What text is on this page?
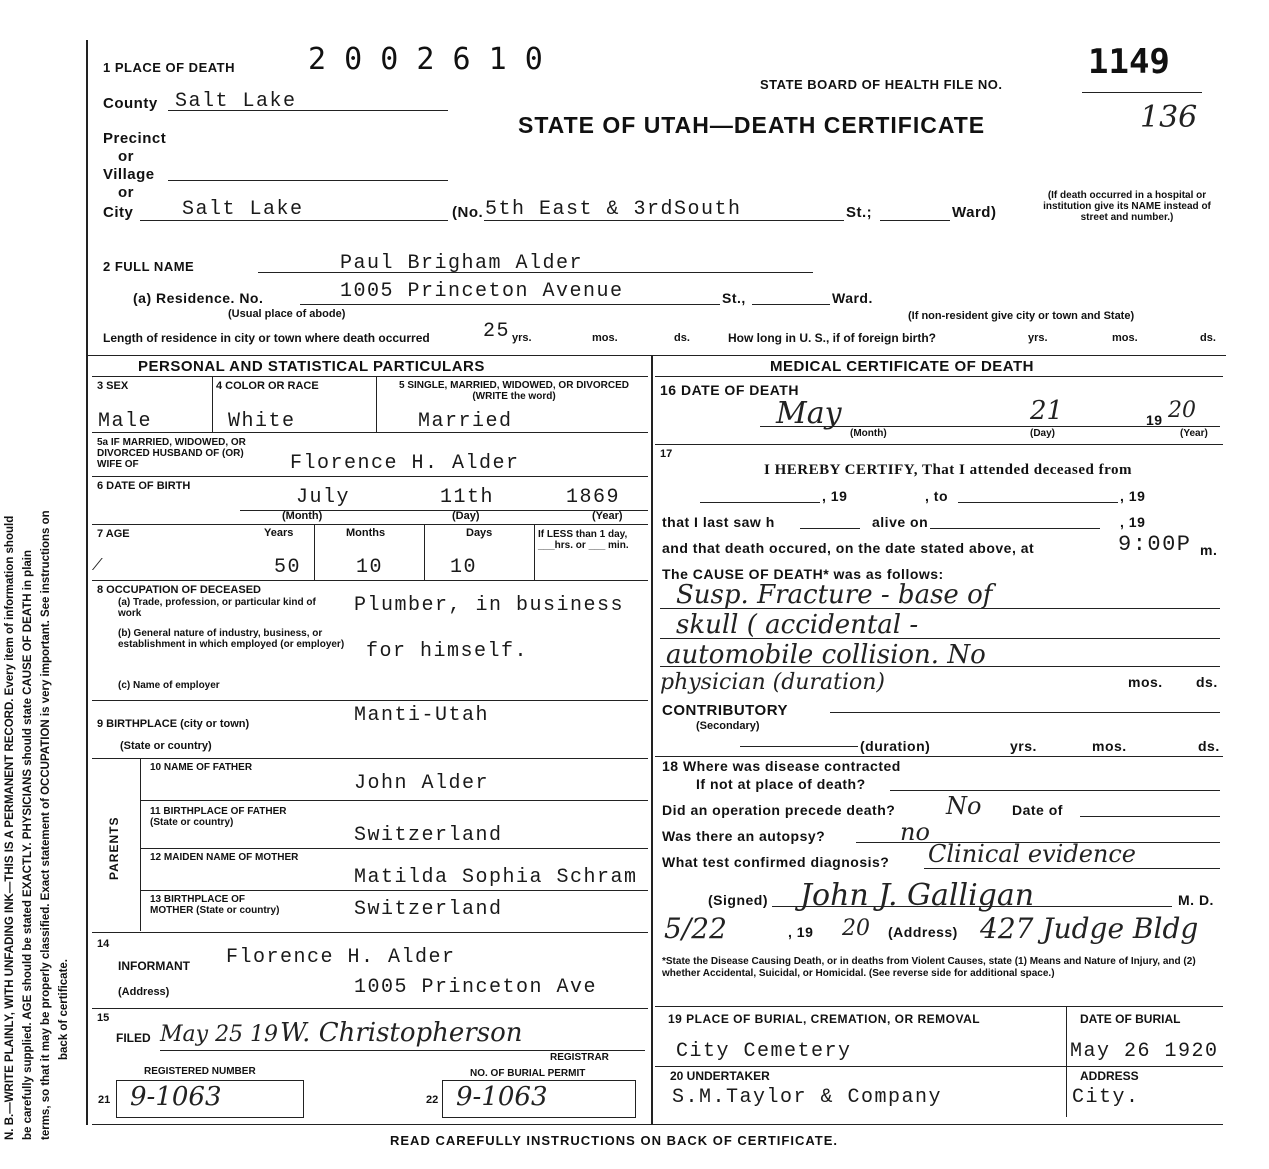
N. B.—WRITE PLAINLY, WITH UNFADING INK—THIS IS A PERMANENT RECORD. Every item of information should be carefully supplied. AGE should be stated EXACTLY. PHYSICIANS should state CAUSE OF DEATH in plain terms, so that it may be properly classified. Exact statement of OCCUPATION is very important. See instructions on back of certificate.
1 PLACE OF DEATH 2 0 0 2 6 1 0
STATE BOARD OF HEALTH FILE NO.
1149
STATE OF UTAH—DEATH CERTIFICATE	136
County Salt Lake
Precinct
or
Village
or
City Salt Lake	(No. 5th East & 3rdSouth	St.;	Ward)
(If death occurred in a hospital or institution give its NAME instead of street and number.)
2 FULL NAME	Paul Brigham Alder
(a) Residence. No.	1005 Princeton Avenue	St.,	Ward.
(Usual place of abode)	(If non-resident give city or town and State)
Length of residence in city or town where death occurred	25 yrs.	mos.	ds.	How long in U. S., if of foreign birth?	yrs.	mos.	ds.
PERSONAL AND STATISTICAL PARTICULARS
3 SEX	4 COLOR OR RACE	5 SINGLE, MARRIED, WIDOWED, OR DIVORCED (WRITE the word)
Male	White	Married
5a IF MARRIED, WIDOWED, OR DIVORCED HUSBAND OF (OR) WIFE OF	Florence H. Alder
6 DATE OF BIRTH	July	11th	1869
(Month)	(Day)	(Year)
7 AGE	Years	Months	Days	If LESS than 1 day, ___hrs. or ___ min.
⁄	50	10	10
8 OCCUPATION OF DECEASED
(a) Trade, profession, or particular kind of work	Plumber, in business
(b) General nature of industry, business, or establishment in which employed (or employer) for himself.
(c) Name of employer
9 BIRTHPLACE (city or town)
(State or country)
Manti-Utah
PARENTS
10 NAME OF FATHER
John Alder
11 BIRTHPLACE OF FATHER (State or country)
Switzerland
12 MAIDEN NAME OF MOTHER
Matilda Sophia Schram
13 BIRTHPLACE OF MOTHER (State or country)	Switzerland
14
INFORMANT Florence H. Alder
(Address)	1005 Princeton Ave
15
FILED May 25 19 W. Christopherson
REGISTRAR
REGISTERED NUMBER	NO. OF BURIAL PERMIT
21 9-1063	22 9-1063
MEDICAL CERTIFICATE OF DEATH
16 DATE OF DEATH
May	21	19 20
(Month)	(Day)	(Year)
17
I HEREBY CERTIFY, That I attended deceased from
, 19	, to	, 19
that I last saw h	alive on	, 19
and that death occured, on the date stated above, at	9:00P m.
The CAUSE OF DEATH* was as follows:
Susp. Fracture - base of
skull ( accidental -
automobile collision. No
physician (duration)	mos. ds.
CONTRIBUTORY
(Secondary)
(duration)	yrs.	mos.	ds.
18 Where was disease contracted
If not at place of death?
Did an operation precede death? No Date of
Was there an autopsy?	no
What test confirmed diagnosis? Clinical evidence
(Signed) John J. Galligan	M. D.
5/22	, 19 20 (Address) 427 Judge Bldg
*State the Disease Causing Death, or in deaths from Violent Causes, state (1) Means and Nature of Injury, and (2) whether Accidental, Suicidal, or Homicidal. (See reverse side for additional space.)
19 PLACE OF BURIAL, CREMATION, OR REMOVAL
City Cemetery
DATE OF BURIAL
May 26 1920
20 UNDERTAKER
S.M.Taylor & Company
ADDRESS
City.
READ CAREFULLY INSTRUCTIONS ON BACK OF CERTIFICATE.
